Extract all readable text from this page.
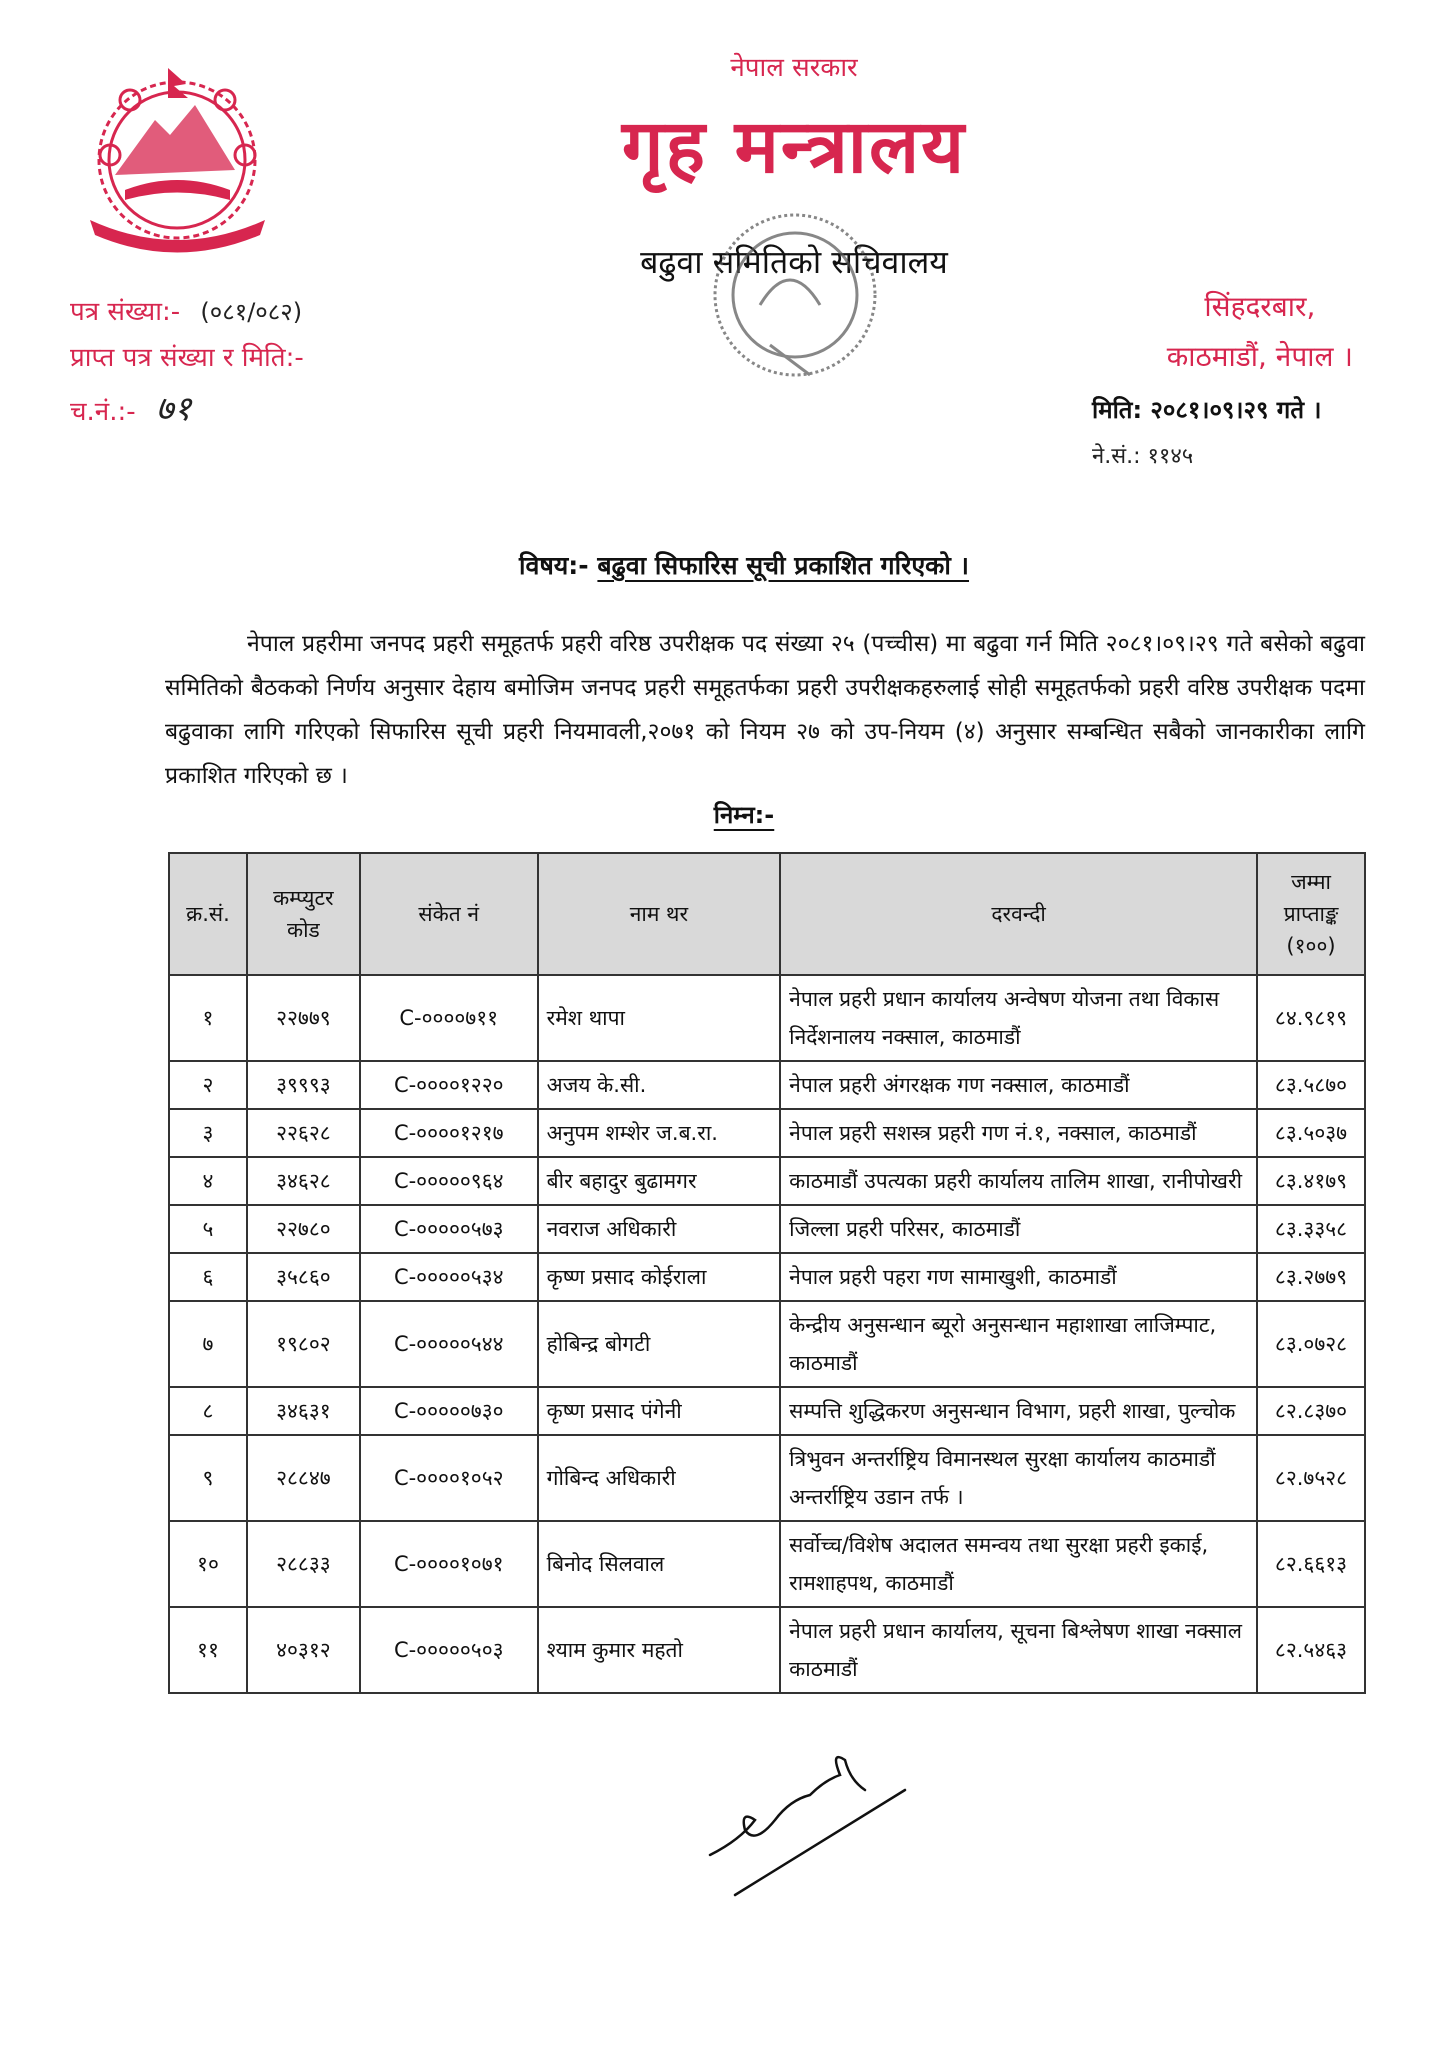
नेपाल सरकार
गृह मन्त्रालय
बढुवा समितिको सचिवालय
पत्र संख्या:- (०८१/०८२)
प्राप्त पत्र संख्या र मिति:-
च.नं.:- ७१
सिंहदरबार,
काठमाडौं, नेपाल ।
मिति: २०८१।०९।२९ गते ।
ने.सं.: ११४५
विषय:- बढुवा सिफारिस सूची प्रकाशित गरिएको ।
नेपाल प्रहरीमा जनपद प्रहरी समूहतर्फ प्रहरी वरिष्ठ उपरीक्षक पद संख्या २५ (पच्चीस) मा बढुवा गर्न मिति २०८१।०९।२९ गते बसेको बढुवा समितिको बैठकको निर्णय अनुसार देहाय बमोजिम जनपद प्रहरी समूहतर्फका प्रहरी उपरीक्षकहरुलाई सोही समूहतर्फको प्रहरी वरिष्ठ उपरीक्षक पदमा बढुवाका लागि गरिएको सिफारिस सूची प्रहरी नियमावली,२०७१ को नियम २७ को उप-नियम (४) अनुसार सम्बन्धित सबैको जानकारीका लागि प्रकाशित गरिएको छ ।
निम्न:-
क्र.सं.	कम्प्युटर कोड	संकेत नं	नाम थर	दरवन्दी	जम्मा प्राप्ताङ्क (१००)
१	२२७७९	C-००००७११	रमेश थापा	नेपाल प्रहरी प्रधान कार्यालय अन्वेषण योजना तथा विकास निर्देशनालय नक्साल, काठमाडौं	८४.९८१९
२	३९९९३	C-००००१२२०	अजय के.सी.	नेपाल प्रहरी अंगरक्षक गण नक्साल, काठमाडौं	८३.५८७०
३	२२६२८	C-००००१२१७	अनुपम शम्शेर ज.ब.रा.	नेपाल प्रहरी सशस्त्र प्रहरी गण नं.१, नक्साल, काठमाडौं	८३.५०३७
४	३४६२८	C-०००००९६४	बीर बहादुर बुढामगर	काठमाडौं उपत्यका प्रहरी कार्यालय तालिम शाखा, रानीपोखरी	८३.४१७९
५	२२७८०	C-०००००५७३	नवराज अधिकारी	जिल्ला प्रहरी परिसर, काठमाडौं	८३.३३५८
६	३५८६०	C-०००००५३४	कृष्ण प्रसाद कोईराला	नेपाल प्रहरी पहरा गण सामाखुशी, काठमाडौं	८३.२७७९
७	१९८०२	C-०००००५४४	होबिन्द्र बोगटी	केन्द्रीय अनुसन्धान ब्यूरो अनुसन्धान महाशाखा लाजिम्पाट, काठमाडौं	८३.०७२८
८	३४६३१	C-०००००७३०	कृष्ण प्रसाद पंगेनी	सम्पत्ति शुद्धिकरण अनुसन्धान विभाग, प्रहरी शाखा, पुल्चोक	८२.८३७०
९	२८८४७	C-००००१०५२	गोबिन्द अधिकारी	त्रिभुवन अन्तर्राष्ट्रिय विमानस्थल सुरक्षा कार्यालय काठमाडौं अन्तर्राष्ट्रिय उडान तर्फ ।	८२.७५२८
१०	२८८३३	C-००००१०७१	बिनोद सिलवाल	सर्वोच्च/विशेष अदालत समन्वय तथा सुरक्षा प्रहरी इकाई, रामशाहपथ, काठमाडौं	८२.६६१३
११	४०३१२	C-०००००५०३	श्याम कुमार महतो	नेपाल प्रहरी प्रधान कार्यालय, सूचना बिश्लेषण शाखा नक्साल काठमाडौं	८२.५४६३
